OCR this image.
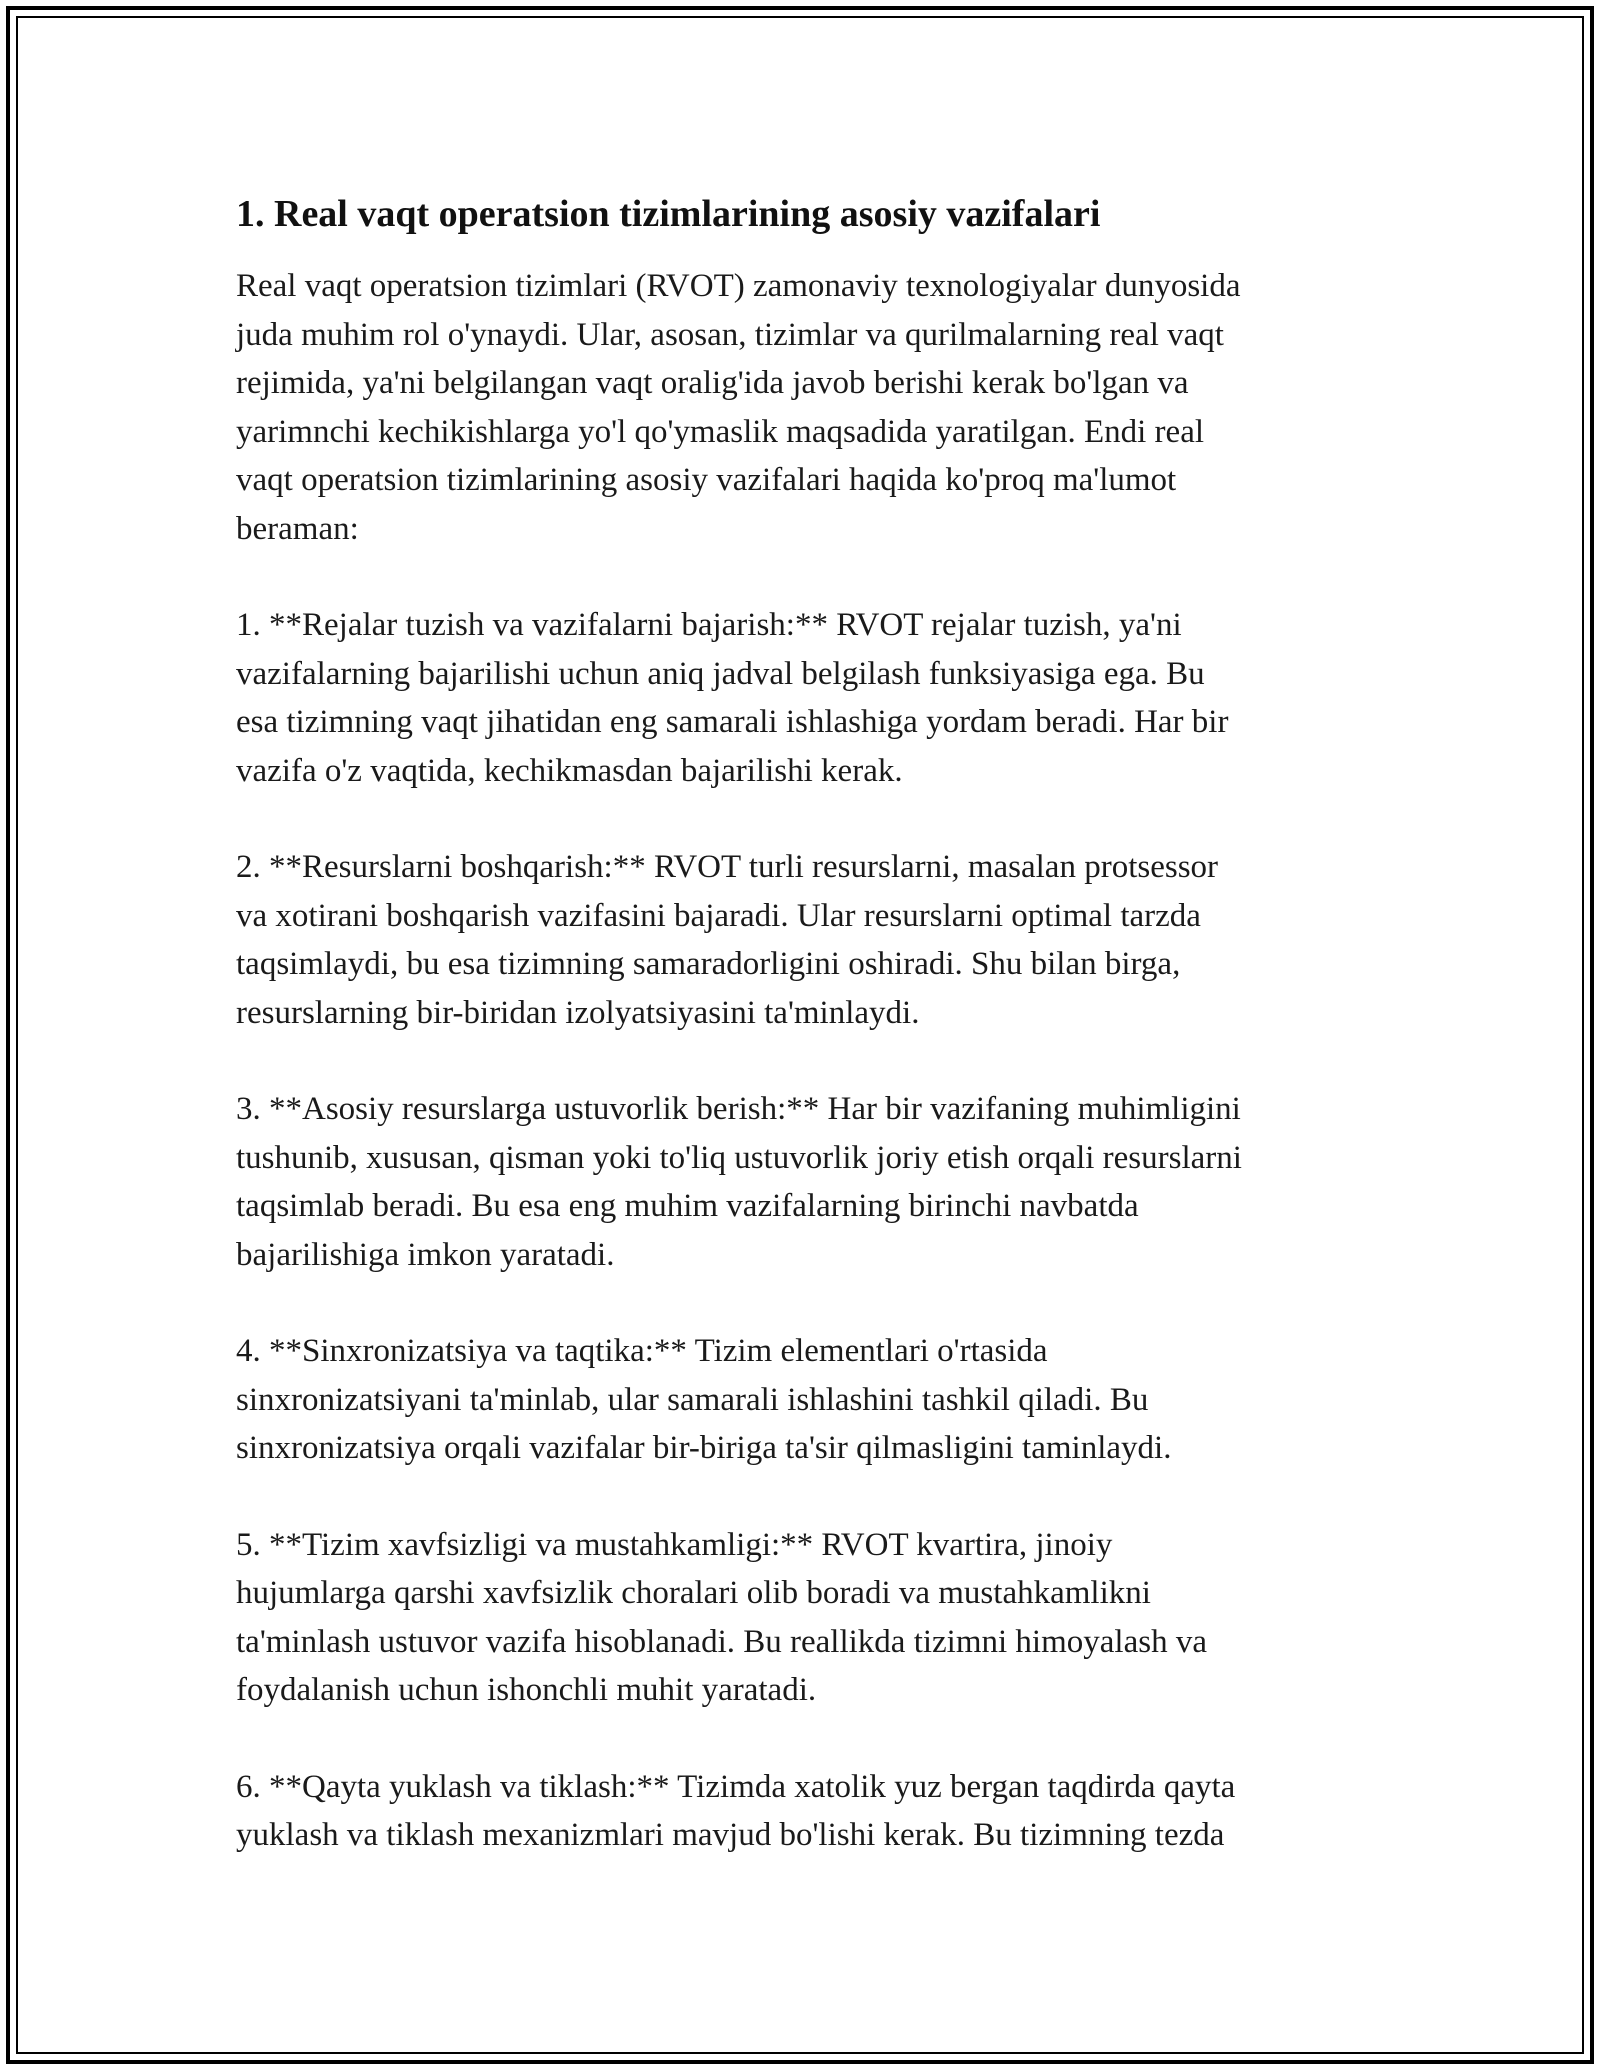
1. Real vaqt operatsion tizimlarining asosiy vazifalari

Real vaqt operatsion tizimlari (RVOT) zamonaviy texnologiyalar dunyosida
juda muhim rol o'ynaydi. Ular, asosan, tizimlar va qurilmalarning real vaqt
rejimida, ya'ni belgilangan vaqt oralig'ida javob berishi kerak bo'lgan va
yarimnchi kechikishlarga yo'l qo'ymaslik maqsadida yaratilgan. Endi real
vaqt operatsion tizimlarining asosiy vazifalari haqida ko'proq ma'lumot
beraman:

1. **Rejalar tuzish va vazifalarni bajarish:** RVOT rejalar tuzish, ya'ni
vazifalarning bajarilishi uchun aniq jadval belgilash funksiyasiga ega. Bu
esa tizimning vaqt jihatidan eng samarali ishlashiga yordam beradi. Har bir
vazifa o'z vaqtida, kechikmasdan bajarilishi kerak.

2. **Resurslarni boshqarish:** RVOT turli resurslarni, masalan protsessor
va xotirani boshqarish vazifasini bajaradi. Ular resurslarni optimal tarzda
taqsimlaydi, bu esa tizimning samaradorligini oshiradi. Shu bilan birga,
resurslarning bir-biridan izolyatsiyasini ta'minlaydi.

3. **Asosiy resurslarga ustuvorlik berish:** Har bir vazifaning muhimligini
tushunib, xususan, qisman yoki to'liq ustuvorlik joriy etish orqali resurslarni
taqsimlab beradi. Bu esa eng muhim vazifalarning birinchi navbatda
bajarilishiga imkon yaratadi.

4. **Sinxronizatsiya va taqtika:** Tizim elementlari o'rtasida
sinxronizatsiyani ta'minlab, ular samarali ishlashini tashkil qiladi. Bu
sinxronizatsiya orqali vazifalar bir-biriga ta'sir qilmasligini taminlaydi.

5. **Tizim xavfsizligi va mustahkamligi:** RVOT kvartira, jinoiy
hujumlarga qarshi xavfsizlik choralari olib boradi va mustahkamlikni
ta'minlash ustuvor vazifa hisoblanadi. Bu reallikda tizimni himoyalash va
foydalanish uchun ishonchli muhit yaratadi.

6. **Qayta yuklash va tiklash:** Tizimda xatolik yuz bergan taqdirda qayta
yuklash va tiklash mexanizmlari mavjud bo'lishi kerak. Bu tizimning tezda
